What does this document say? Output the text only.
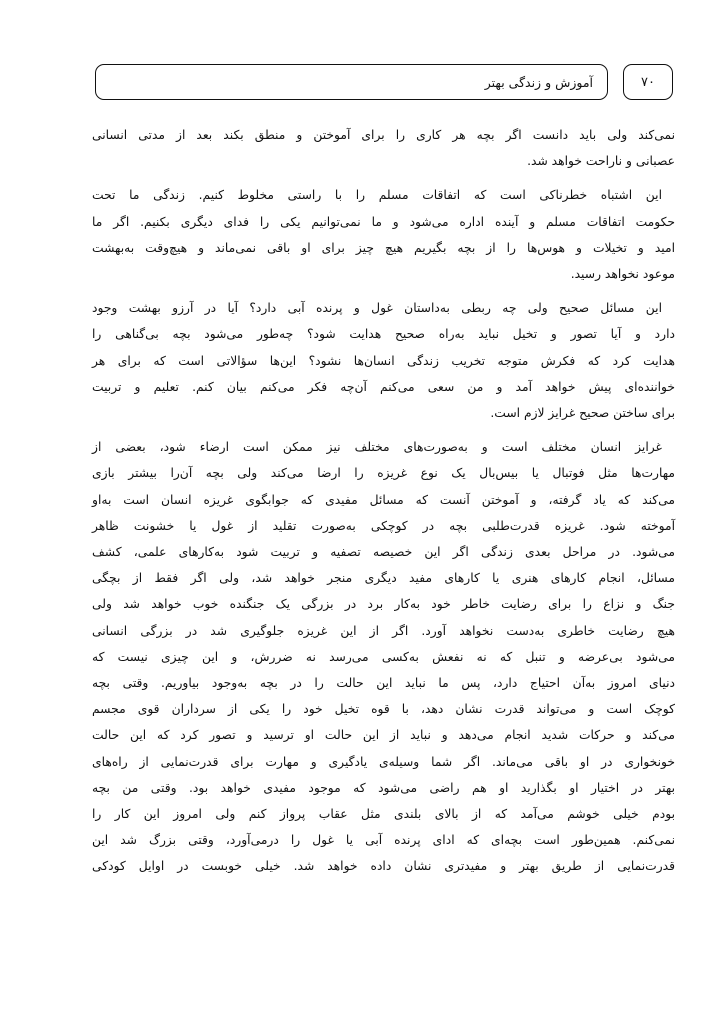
آموزش و زندگی بهتر	۷۰
نمی‌کند ولی باید دانست اگر بچه هر کاری را برای آموختن و منطق بکند بعد از مدتی انسانی
عصبانی و ناراحت خواهد شد.
این اشتباه خطرناکی است که اتفاقات مسلم را با راستی مخلوط کنیم. زندگی ما تحت
حکومت اتفاقات مسلم و آینده اداره می‌شود و ما نمی‌توانیم یکی را فدای دیگری بکنیم. اگر ما
امید و تخیلات و هوس‌ها را از بچه بگیریم هیچ چیز برای او باقی نمی‌ماند و هیچ‌وقت به‌بهشت
موعود نخواهد رسید.
این مسائل صحیح ولی چه ربطی به‌داستان غول و پرنده آبی دارد؟ آیا در آرزو بهشت وجود
دارد و آیا تصور و تخیل نباید به‌راه صحیح هدایت شود؟ چه‌طور می‌شود بچه بی‌گناهی را
هدایت کرد که فکرش متوجه تخریب زندگی انسان‌ها نشود؟ این‌ها سؤالاتی است که برای هر
خواننده‌ای پیش خواهد آمد و من سعی می‌کنم آن‌چه فکر می‌کنم بیان کنم. تعلیم و تربیت
برای ساختن صحیح غرایز لازم است.
غرایز انسان مختلف است و به‌صورت‌های مختلف نیز ممکن است ارضاء شود، بعضی از
مهارت‌ها مثل فوتبال یا بیس‌بال یک نوع غریزه را ارضا می‌کند ولی بچه آن‌را بیشتر بازی
می‌کند که یاد گرفته، و آموختن آنست که مسائل مفیدی که جوابگوی غریزه انسان است به‌او
آموخته شود. غریزه قدرت‌طلبی بچه در کوچکی به‌صورت تقلید از غول یا خشونت ظاهر
می‌شود. در مراحل بعدی زندگی اگر این خصیصه تصفیه و تربیت شود به‌کارهای علمی، کشف
مسائل، انجام کارهای هنری یا کارهای مفید دیگری منجر خواهد شد، ولی اگر فقط از بچگی
جنگ و نزاع را برای رضایت خاطر خود به‌کار برد در بزرگی یک جنگنده خوب خواهد شد ولی
هیچ رضایت خاطری به‌دست نخواهد آورد. اگر از این غریزه جلوگیری شد در بزرگی انسانی
می‌شود بی‌عرضه و تنبل که نه نفعش به‌کسی می‌رسد نه ضررش، و این چیزی نیست که
دنیای امروز به‌آن احتیاج دارد، پس ما نباید این حالت را در بچه به‌وجود بیاوریم. وقتی بچه
کوچک است و می‌تواند قدرت نشان دهد، با قوه تخیل خود را یکی از سرداران قوی مجسم
می‌کند و حرکات شدید انجام می‌دهد و نباید از این حالت او ترسید و تصور کرد که این حالت
خونخواری در او باقی می‌ماند. اگر شما وسیله‌ی یادگیری و مهارت برای قدرت‌نمایی از راه‌های
بهتر در اختیار او بگذارید او هم راضی می‌شود که موجود مفیدی خواهد بود. وقتی من بچه
بودم خیلی خوشم می‌آمد که از بالای بلندی مثل عقاب پرواز کنم ولی امروز این کار را
نمی‌کنم. همین‌طور است بچه‌ای که ادای پرنده آبی یا غول را درمی‌آورد، وقتی بزرگ شد این
قدرت‌نمایی از طریق بهتر و مفیدتری نشان داده خواهد شد. خیلی خوبست در اوایل کودکی
